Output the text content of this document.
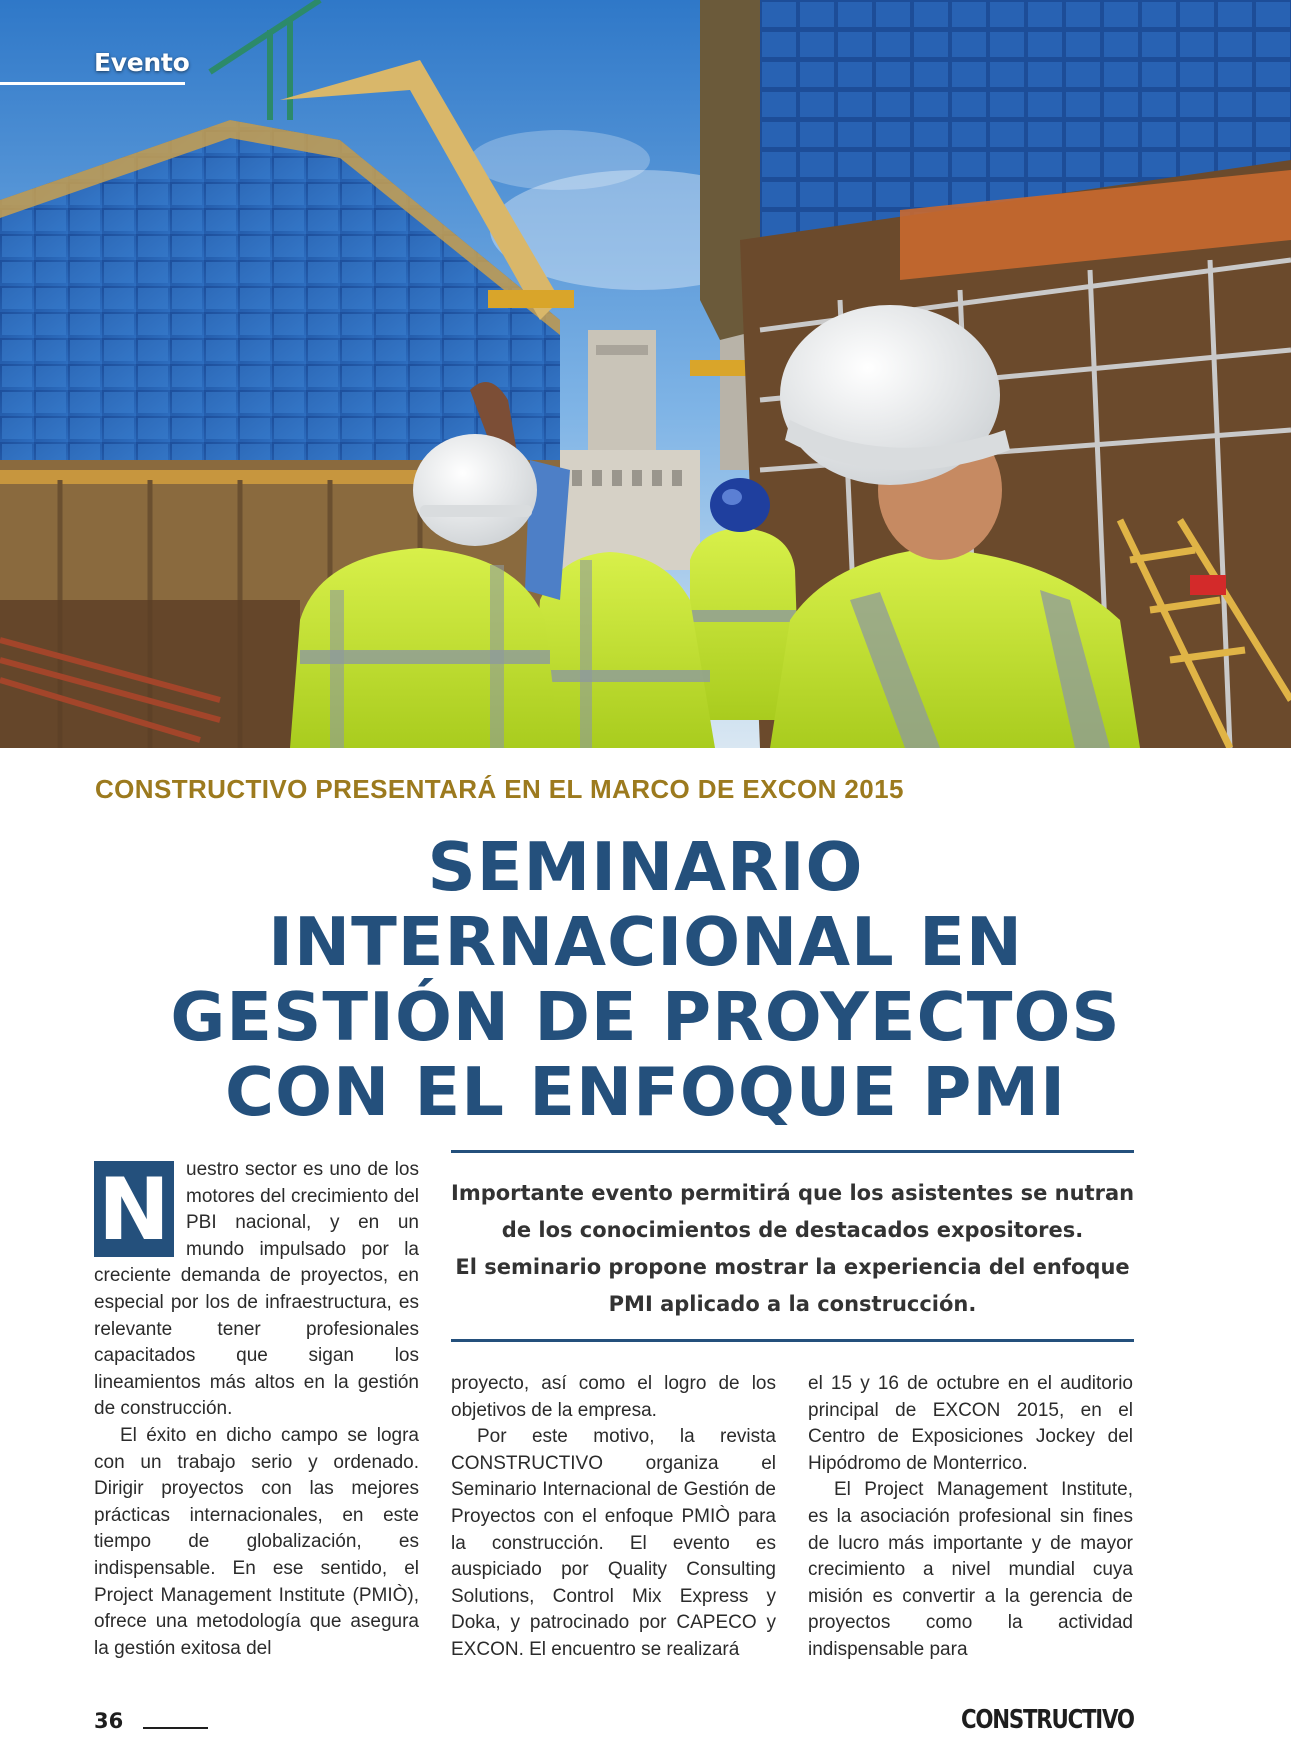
Evento
CONSTRUCTIVO PRESENTARÁ EN EL MARCO DE EXCON 2015
SEMINARIO
INTERNACIONAL EN
GESTIÓN DE PROYECTOS
CON EL ENFOQUE PMI
Importante evento permitirá que los asistentes se nutran
de los conocimientos de destacados expositores.
El seminario propone mostrar la experiencia del enfoque
PMI aplicado a la construcción.

N uestro sector es uno de los motores del crecimiento del PBI nacional, y en un mundo impulsado por la creciente demanda de proyectos, en especial por los de infraestructura, es relevante tener profesionales capacitados que sigan los lineamientos más altos en la gestión de construcción.

El éxito en dicho campo se logra con un trabajo serio y ordenado. Dirigir proyectos con las mejores prácticas internacionales, en este tiempo de globalización, es indispensable. En ese sentido, el Project Management Institute (PMIÒ), ofrece una metodología que asegura la gestión exitosa del

proyecto, así como el logro de los objetivos de la empresa.

Por este motivo, la revista CONSTRUCTIVO organiza el Seminario Internacional de Gestión de Proyectos con el enfoque PMIÒ para la construcción. El evento es auspiciado por Quality Consulting Solutions, Control Mix Express y Doka, y patrocinado por CAPECO y EXCON. El encuentro se realizará

el 15 y 16 de octubre en el auditorio principal de EXCON 2015, en el Centro de Exposiciones Jockey del Hipódromo de Monterrico.

El Project Management Institute, es la asociación profesional sin fines de lucro más importante y de mayor crecimiento a nivel mundial cuya misión es convertir a la gerencia de proyectos como la actividad indispensable para

36	CONSTRUCTIVO
